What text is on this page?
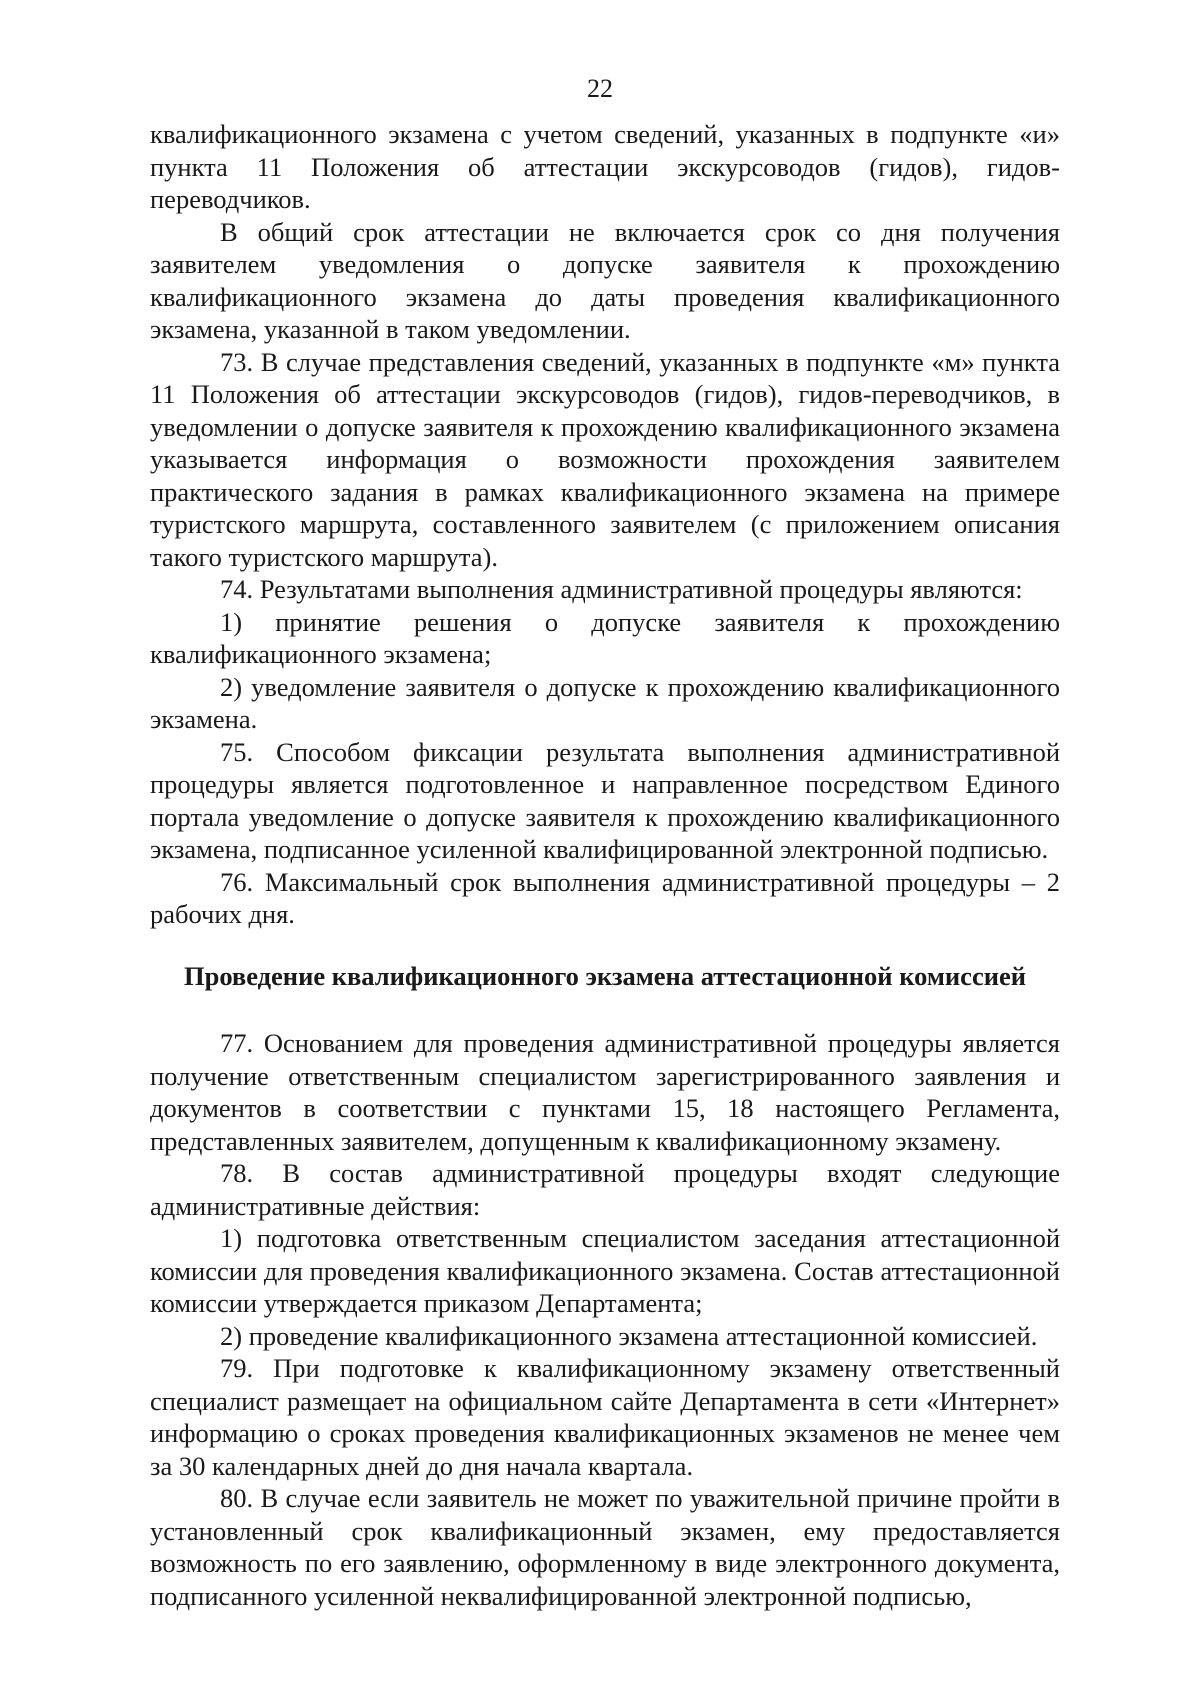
22

квалификационного экзамена с учетом сведений, указанных в подпункте «и» пункта 11 Положения об аттестации экскурсоводов (гидов), гидов-переводчиков.

В общий срок аттестации не включается срок со дня получения заявителем уведомления о допуске заявителя к прохождению квалификационного экзамена до даты проведения квалификационного экзамена, указанной в таком уведомлении.

73. В случае представления сведений, указанных в подпункте «м» пункта 11 Положения об аттестации экскурсоводов (гидов), гидов-переводчиков, в уведомлении о допуске заявителя к прохождению квалификационного экзамена указывается информация о возможности прохождения заявителем практического задания в рамках квалификационного экзамена на примере туристского маршрута, составленного заявителем (с приложением описания такого туристского маршрута).

74. Результатами выполнения административной процедуры являются:

1) принятие решения о допуске заявителя к прохождению квалификационного экзамена;

2) уведомление заявителя о допуске к прохождению квалификационного экзамена.

75. Способом фиксации результата выполнения административной процедуры является подготовленное и направленное посредством Единого портала уведомление о допуске заявителя к прохождению квалификационного экзамена, подписанное усиленной квалифицированной электронной подписью.

76. Максимальный срок выполнения административной процедуры – 2 рабочих дня.

Проведение квалификационного экзамена аттестационной комиссией

77. Основанием для проведения административной процедуры является получение ответственным специалистом зарегистрированного заявления и документов в соответствии с пунктами 15, 18 настоящего Регламента, представленных заявителем, допущенным к квалификационному экзамену.

78. В состав административной процедуры входят следующие административные действия:

1) подготовка ответственным специалистом заседания аттестационной комиссии для проведения квалификационного экзамена. Состав аттестационной комиссии утверждается приказом Департамента;

2) проведение квалификационного экзамена аттестационной комиссией.

79. При подготовке к квалификационному экзамену ответственный специалист размещает на официальном сайте Департамента в сети «Интернет» информацию о сроках проведения квалификационных экзаменов не менее чем за 30 календарных дней до дня начала квартала.

80. В случае если заявитель не может по уважительной причине пройти в установленный срок квалификационный экзамен, ему предоставляется возможность по его заявлению, оформленному в виде электронного документа, подписанного усиленной неквалифицированной электронной подписью,
